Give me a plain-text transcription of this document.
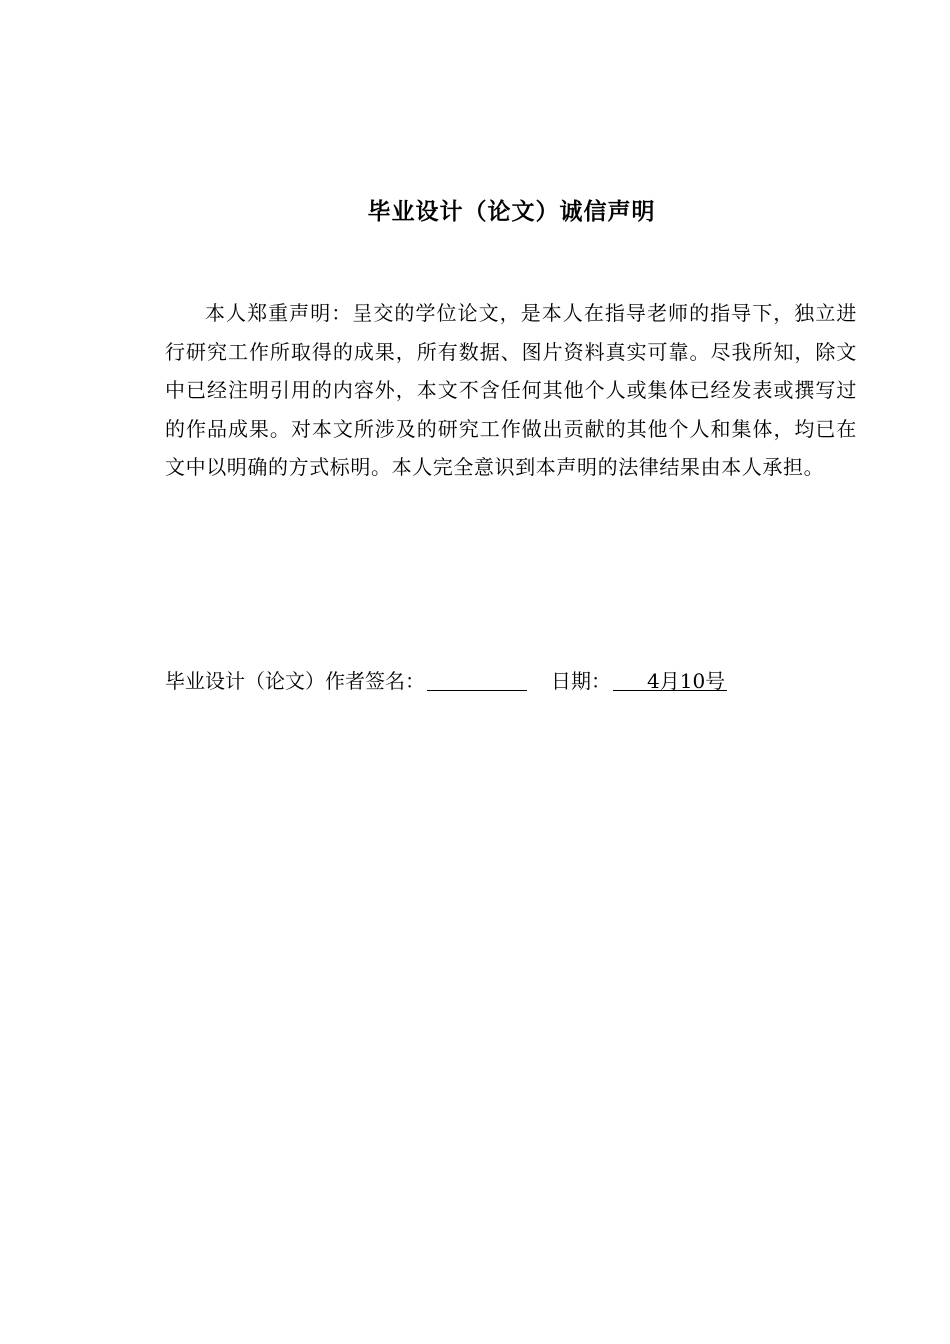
毕业设计（论文）诚信声明

本人郑重声明：呈交的学位论文，是本人在指导老师的指导下，独立进行研究工作所取得的成果，所有数据、图片资料真实可靠。尽我所知，除文中已经注明引用的内容外，本文不含任何其他个人或集体已经发表或撰写过的作品成果。对本文所涉及的研究工作做出贡献的其他个人和集体，均已在文中以明确的方式标明。本人完全意识到本声明的法律结果由本人承担。

毕业设计（论文）作者签名：	日期： 4月10号
